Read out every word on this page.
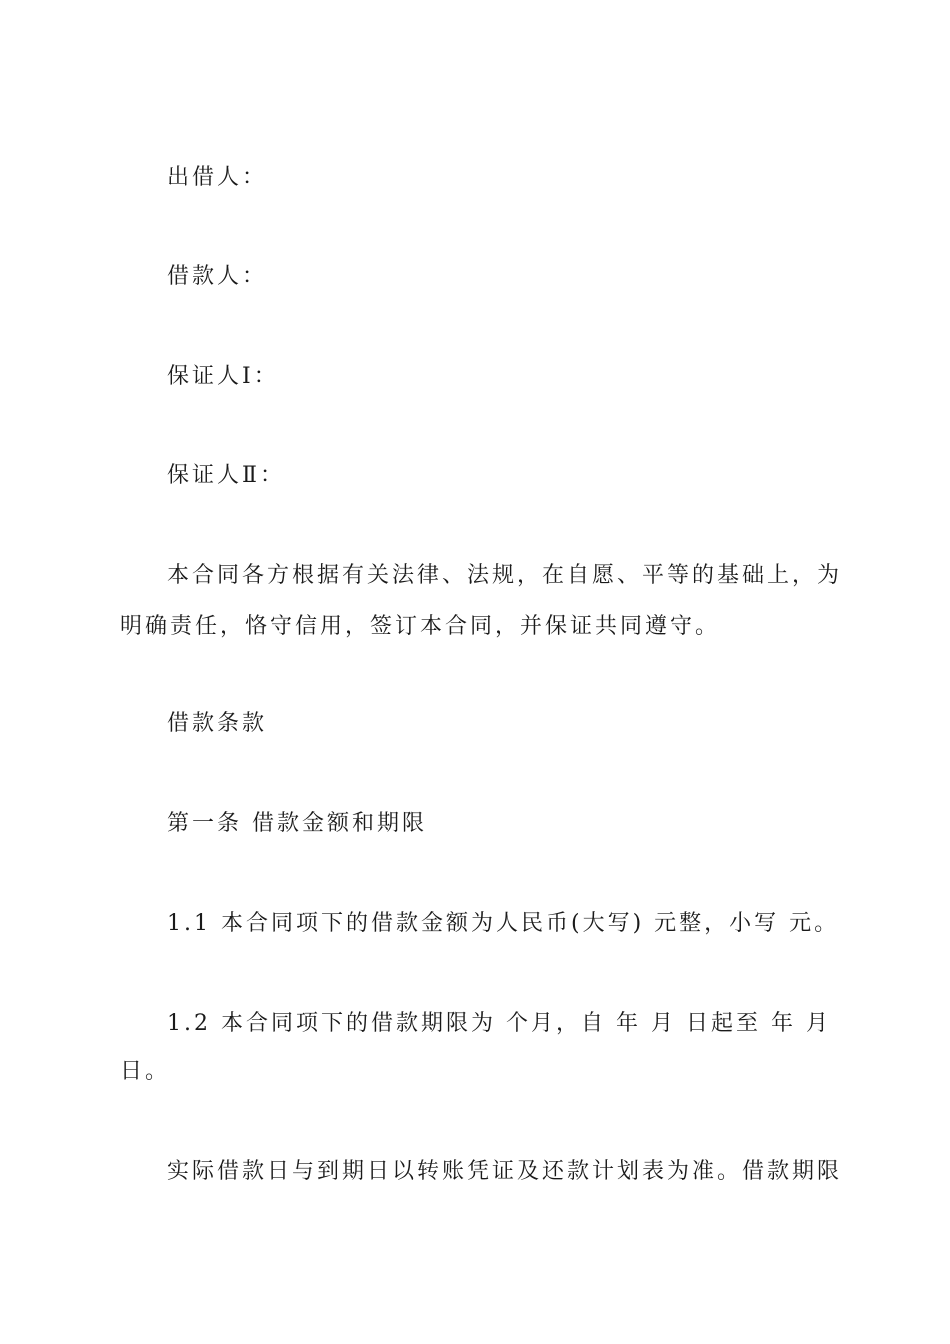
出借人：
借款人：
保证人Ⅰ：
保证人Ⅱ：
本合同各方根据有关法律、法规，在自愿、平等的基础上，为
明确责任，恪守信用，签订本合同，并保证共同遵守。
借款条款
第一条 借款金额和期限
1.1 本合同项下的借款金额为人民币(大写) 元整，小写 元。
1.2 本合同项下的借款期限为 个月，自 年 月 日起至 年 月
日。
实际借款日与到期日以转账凭证及还款计划表为准。借款期限
